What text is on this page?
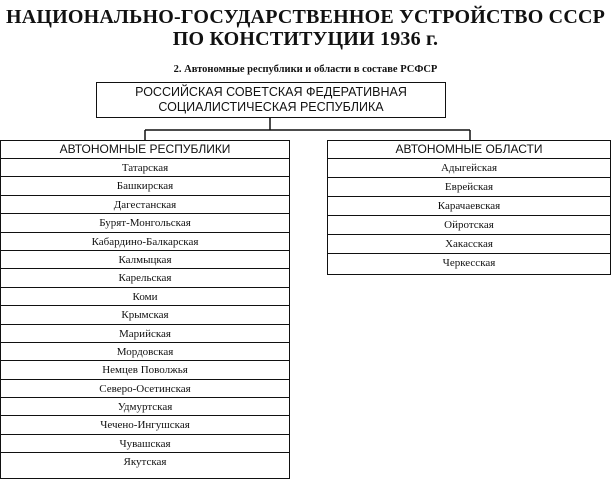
НАЦИОНАЛЬНО-ГОСУДАРСТВЕННОЕ УСТРОЙСТВО СССР
ПО КОНСТИТУЦИИ 1936 г.
2. Автономные республики и области в составе РСФСР
РОССИЙСКАЯ СОВЕТСКАЯ ФЕДЕРАТИВНАЯ
СОЦИАЛИСТИЧЕСКАЯ РЕСПУБЛИКА
АВТОНОМНЫЕ РЕСПУБЛИКИ
Татарская
Башкирская
Дагестанская
Бурят-Монгольская
Кабардино-Балкарская
Калмыцкая
Карельская
Коми
Крымская
Марийская
Мордовская
Немцев Поволжья
Северо-Осетинская
Удмуртская
Чечено-Ингушская
Чувашская
Якутская
АВТОНОМНЫЕ ОБЛАСТИ
Адыгейская
Еврейская
Карачаевская
Ойротская
Хакасская
Черкесская
